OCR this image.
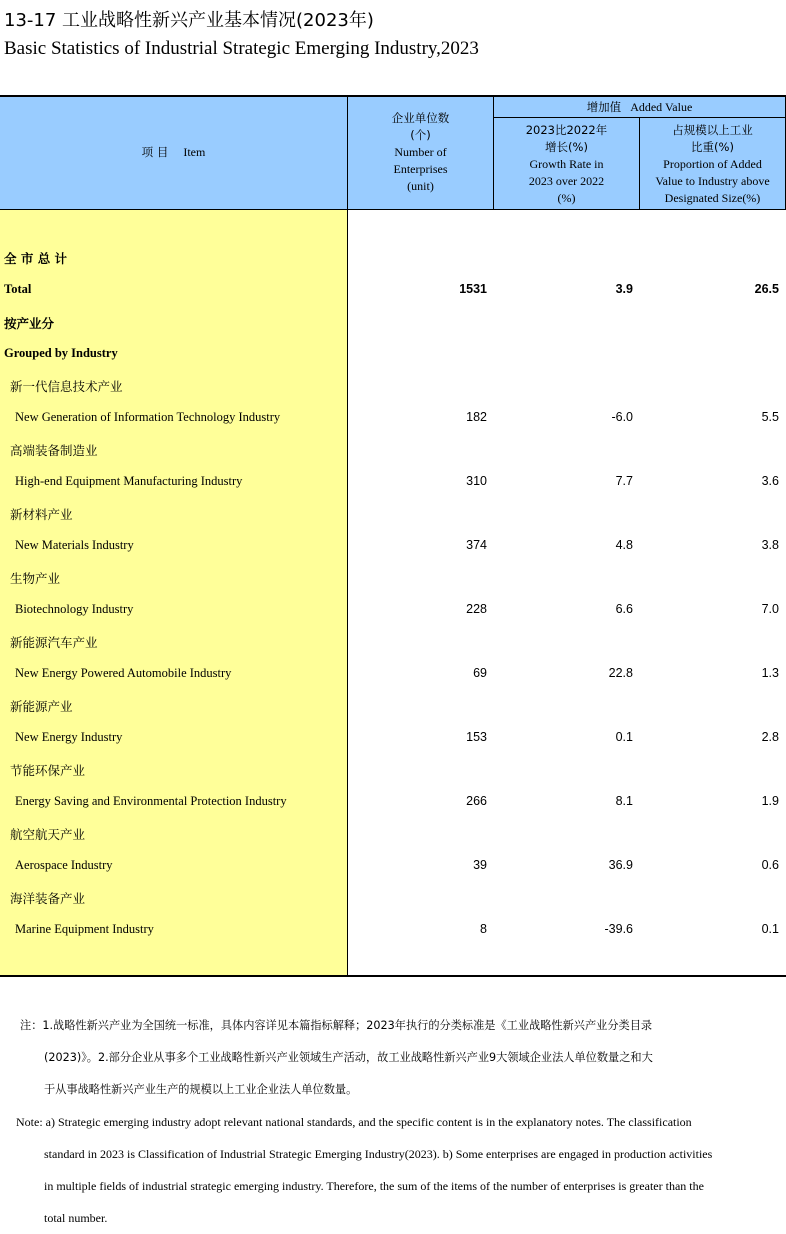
13-17 工业战略性新兴产业基本情况(2023年)
Basic Statistics of Industrial Strategic Emerging Industry,2023
项 目 Item
企业单位数
(个)
Number of
Enterprises
(unit)
增加值 Added Value
2023比2022年
增长(%)
Growth Rate in
2023 over 2022
(%)
占规模以上工业
比重(%)
Proportion of Added
Value to Industry above
Designated Size(%)
全 市 总 计
Total	1531	3.9	26.5
按产业分
Grouped by Industry
新一代信息技术产业
New Generation of Information Technology Industry	182	-6.0	5.5
高端装备制造业
High-end Equipment Manufacturing Industry	310	7.7	3.6
新材料产业
New Materials Industry	374	4.8	3.8
生物产业
Biotechnology Industry	228	6.6	7.0
新能源汽车产业
New Energy Powered Automobile Industry	69	22.8	1.3
新能源产业
New Energy Industry	153	0.1	2.8
节能环保产业
Energy Saving and Environmental Protection Industry	266	8.1	1.9
航空航天产业
Aerospace Industry	39	36.9	0.6
海洋装备产业
Marine Equipment Industry	8	-39.6	0.1
注：1.战略性新兴产业为全国统一标准，具体内容详见本篇指标解释；2023年执行的分类标准是《工业战略性新兴产业分类目录
(2023)》。2.部分企业从事多个工业战略性新兴产业领域生产活动，故工业战略性新兴产业9大领域企业法人单位数量之和大
于从事战略性新兴产业生产的规模以上工业企业法人单位数量。
Note: a) Strategic emerging industry adopt relevant national standards, and the specific content is in the explanatory notes. The classification
standard in 2023 is Classification of Industrial Strategic Emerging Industry(2023). b) Some enterprises are engaged in production activities
in multiple fields of industrial strategic emerging industry. Therefore, the sum of the items of the number of enterprises is greater than the
total number.
